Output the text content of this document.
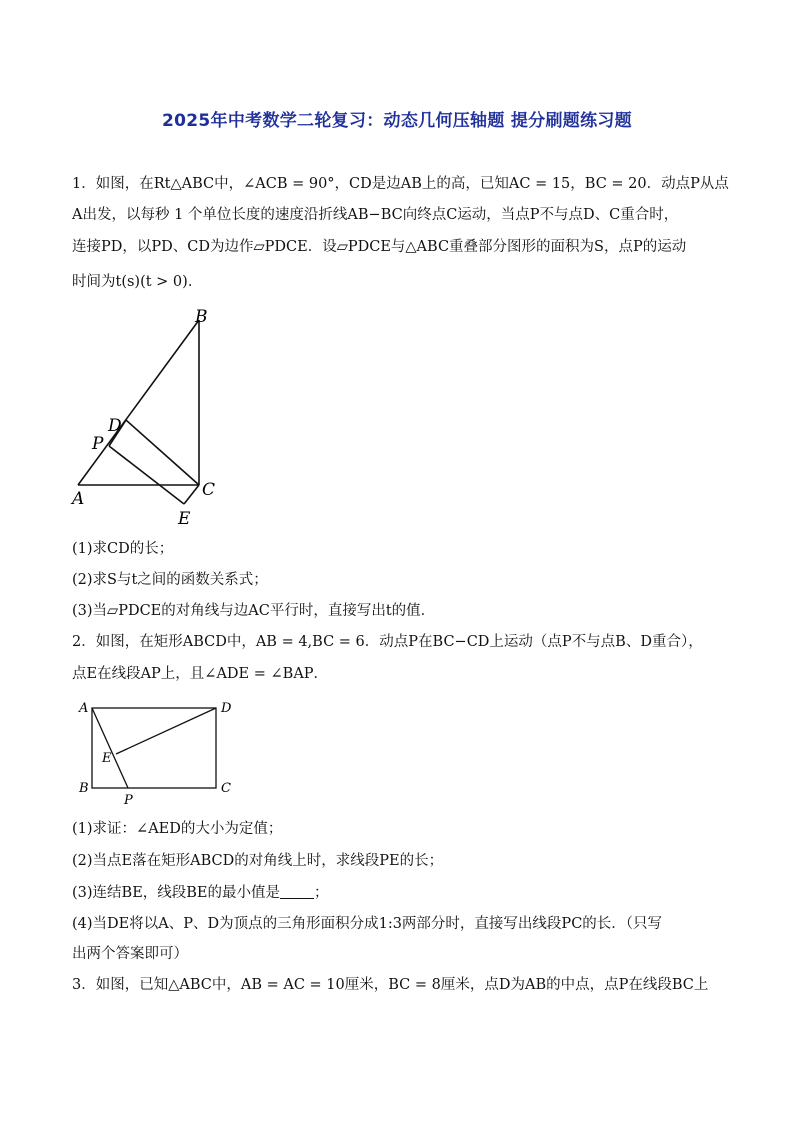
2025年中考数学二轮复习：动态几何压轴题 提分刷题练习题
1．如图，在Rt△ABC中，∠ACB = 90°，CD是边AB上的高，已知AC = 15，BC = 20．动点P从点
A出发，以每秒 1 个单位长度的速度沿折线AB−BC向终点C运动，当点P不与点D、C重合时，
连接PD，以PD、CD为边作▱PDCE．设▱PDCE与△ABC重叠部分图形的面积为S，点P的运动
时间为t(s)(t > 0)．
B
D
P
A	C
E
(1)求CD的长；
(2)求S与t之间的函数关系式；
(3)当▱PDCE的对角线与边AC平行时，直接写出t的值．
2．如图，在矩形ABCD中，AB = 4,BC = 6．动点P在BC−CD上运动（点P不与点B、D重合），
点E在线段AP上，且∠ADE = ∠BAP．
A	D
E
B	C
P
(1)求证：∠AED的大小为定值；
(2)当点E落在矩形ABCD的对角线上时，求线段PE的长；
(3)连结BE，线段BE的最小值是 ；
(4)当DE将以A、P、D为顶点的三角形面积分成1:3两部分时，直接写出线段PC的长．（只写
出两个答案即可）
3．如图，已知△ABC中，AB = AC = 10厘米，BC = 8厘米，点D为AB的中点，点P在线段BC上
